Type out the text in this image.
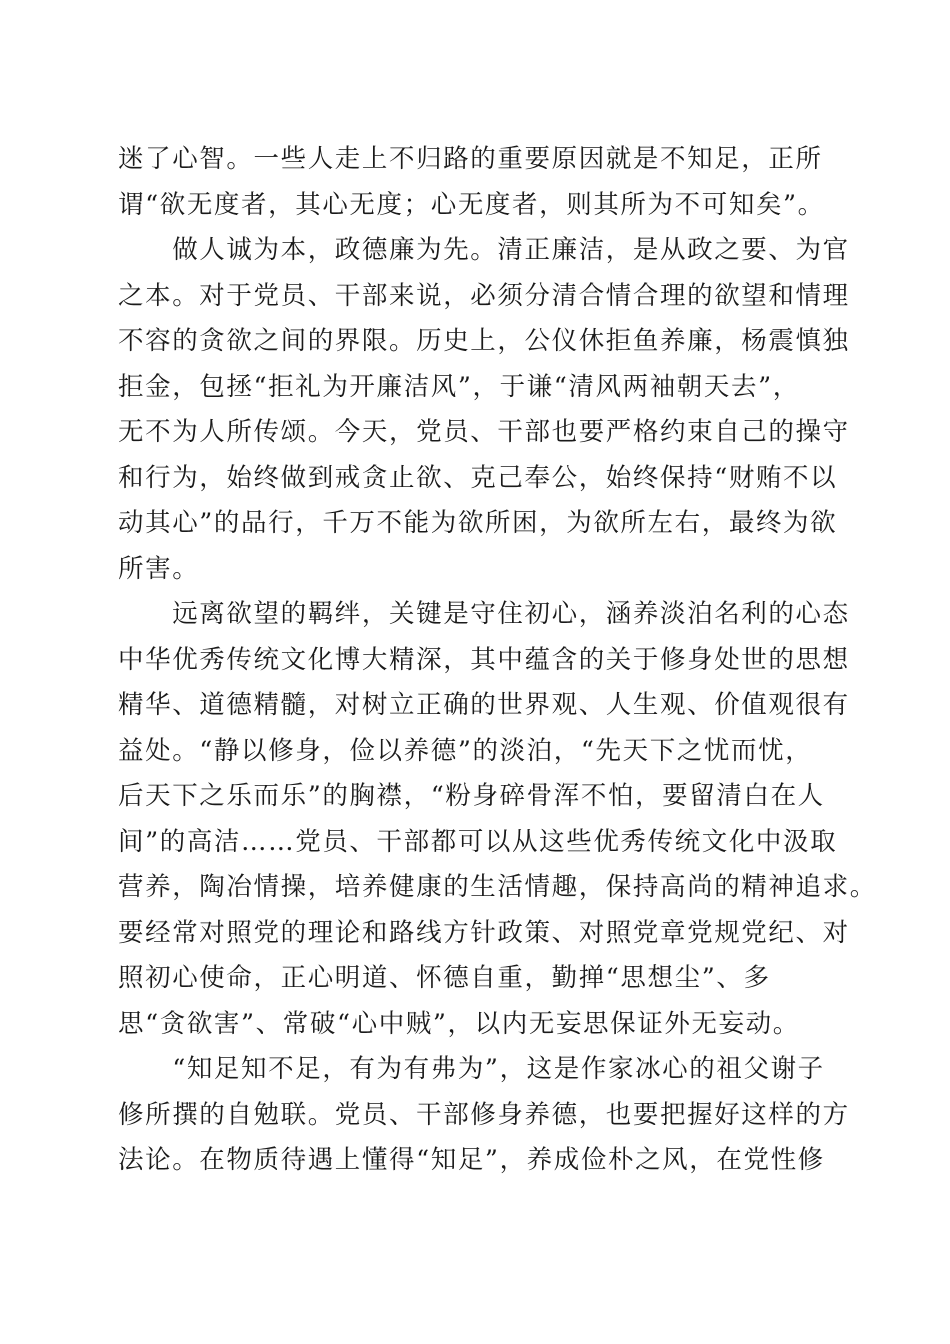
迷了心智。一些人走上不归路的重要原因就是不知足，正所
谓“欲无度者，其心无度；心无度者，则其所为不可知矣”。
　　做人诚为本，政德廉为先。清正廉洁，是从政之要、为官
之本。对于党员、干部来说，必须分清合情合理的欲望和情理
不容的贪欲之间的界限。历史上，公仪休拒鱼养廉，杨震慎独
拒金，包拯“拒礼为开廉洁风”，于谦“清风两袖朝天去”，
无不为人所传颂。今天，党员、干部也要严格约束自己的操守
和行为，始终做到戒贪止欲、克己奉公，始终保持“财贿不以
动其心”的品行，千万不能为欲所困，为欲所左右，最终为欲
所害。
　　远离欲望的羁绊，关键是守住初心，涵养淡泊名利的心态
中华优秀传统文化博大精深，其中蕴含的关于修身处世的思想
精华、道德精髓，对树立正确的世界观、人生观、价值观很有
益处。“静以修身，俭以养德”的淡泊，“先天下之忧而忧，
后天下之乐而乐”的胸襟，“粉身碎骨浑不怕，要留清白在人
间”的高洁……党员、干部都可以从这些优秀传统文化中汲取
营养，陶冶情操，培养健康的生活情趣，保持高尚的精神追求。
要经常对照党的理论和路线方针政策、对照党章党规党纪、对
照初心使命，正心明道、怀德自重，勤掸“思想尘”、多
思“贪欲害”、常破“心中贼”，以内无妄思保证外无妄动。
　　“知足知不足，有为有弗为”，这是作家冰心的祖父谢子
修所撰的自勉联。党员、干部修身养德，也要把握好这样的方
法论。在物质待遇上懂得“知足”，养成俭朴之风，在党性修
